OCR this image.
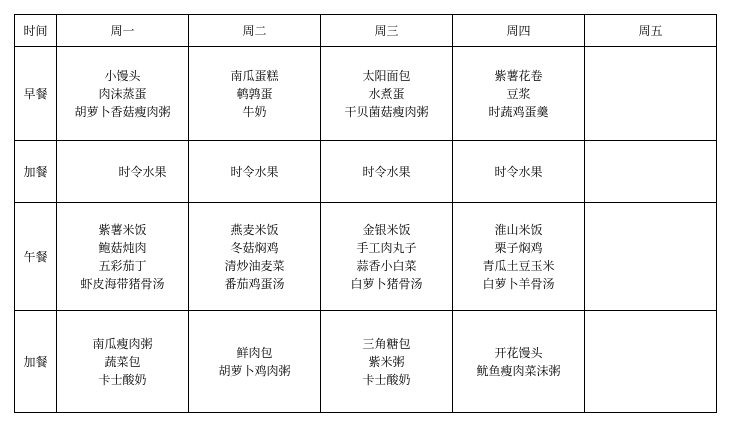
时间	周一	周二	周三	周四	周五
早餐	小馒头
肉沫蒸蛋
胡萝卜香菇瘦肉粥	南瓜蛋糕
鹌鹑蛋
牛奶	太阳面包
水煮蛋
干贝菌菇瘦肉粥	紫薯花卷
豆浆
时蔬鸡蛋羹	

加餐	时令水果	时令水果	时令水果	时令水果	

午餐	紫薯米饭
鲍菇炖肉
五彩茄丁
虾皮海带猪骨汤	燕麦米饭
冬菇焖鸡
清炒油麦菜
番茄鸡蛋汤	金银米饭
手工肉丸子
蒜香小白菜
白萝卜猪骨汤	淮山米饭
栗子焖鸡
青瓜土豆玉米
白萝卜羊骨汤	

加餐	南瓜瘦肉粥
蔬菜包
卡士酸奶	鲜肉包
胡萝卜鸡肉粥	三角糖包
紫米粥
卡士酸奶	开花馒头
鱿鱼瘦肉菜沫粥	
